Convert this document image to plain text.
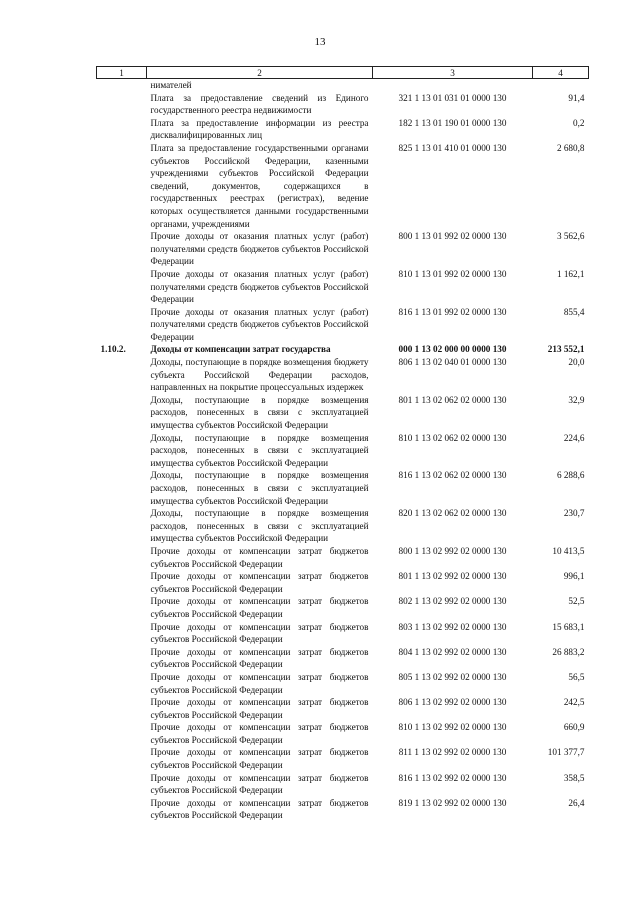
13
1	2	3	4
	нимателей		
	Плата за предоставление сведений из Единого государственного реестра недвижимости	321 1 13 01 031 01 0000 130	91,4
	Плата за предоставление информации из реестра дисквалифицированных лиц	182 1 13 01 190 01 0000 130	0,2
	Плата за предоставление государственными органами субъектов Российской Федерации, казенными учреждениями субъектов Российской Федерации сведений, документов, содержащихся в государственных реестрах (регистрах), ведение которых осуществляется данными государственными органами, учреждениями	825 1 13 01 410 01 0000 130	2 680,8
	Прочие доходы от оказания платных услуг (работ) получателями средств бюджетов субъектов Российской Федерации	800 1 13 01 992 02 0000 130	3 562,6
	Прочие доходы от оказания платных услуг (работ) получателями средств бюджетов субъектов Российской Федерации	810 1 13 01 992 02 0000 130	1 162,1
	Прочие доходы от оказания платных услуг (работ) получателями средств бюджетов субъектов Российской Федерации	816 1 13 01 992 02 0000 130	855,4
1.10.2.	Доходы от компенсации затрат государства	000 1 13 02 000 00 0000 130	213 552,1
	Доходы, поступающие в порядке возмещения бюджету субъекта Российской Федерации расходов, направленных на покрытие процессуальных издержек	806 1 13 02 040 01 0000 130	20,0
	Доходы, поступающие в порядке возмещения расходов, понесенных в связи с эксплуатацией имущества субъектов Российской Федерации	801 1 13 02 062 02 0000 130	32,9
	Доходы, поступающие в порядке возмещения расходов, понесенных в связи с эксплуатацией имущества субъектов Российской Федерации	810 1 13 02 062 02 0000 130	224,6
	Доходы, поступающие в порядке возмещения расходов, понесенных в связи с эксплуатацией имущества субъектов Российской Федерации	816 1 13 02 062 02 0000 130	6 288,6
	Доходы, поступающие в порядке возмещения расходов, понесенных в связи с эксплуатацией имущества субъектов Российской Федерации	820 1 13 02 062 02 0000 130	230,7
	Прочие доходы от компенсации затрат бюджетов субъектов Российской Федерации	800 1 13 02 992 02 0000 130	10 413,5
	Прочие доходы от компенсации затрат бюджетов субъектов Российской Федерации	801 1 13 02 992 02 0000 130	996,1
	Прочие доходы от компенсации затрат бюджетов субъектов Российской Федерации	802 1 13 02 992 02 0000 130	52,5
	Прочие доходы от компенсации затрат бюджетов субъектов Российской Федерации	803 1 13 02 992 02 0000 130	15 683,1
	Прочие доходы от компенсации затрат бюджетов субъектов Российской Федерации	804 1 13 02 992 02 0000 130	26 883,2
	Прочие доходы от компенсации затрат бюджетов субъектов Российской Федерации	805 1 13 02 992 02 0000 130	56,5
	Прочие доходы от компенсации затрат бюджетов субъектов Российской Федерации	806 1 13 02 992 02 0000 130	242,5
	Прочие доходы от компенсации затрат бюджетов субъектов Российской Федерации	810 1 13 02 992 02 0000 130	660,9
	Прочие доходы от компенсации затрат бюджетов субъектов Российской Федерации	811 1 13 02 992 02 0000 130	101 377,7
	Прочие доходы от компенсации затрат бюджетов субъектов Российской Федерации	816 1 13 02 992 02 0000 130	358,5
	Прочие доходы от компенсации затрат бюджетов субъектов Российской Федерации	819 1 13 02 992 02 0000 130	26,4
